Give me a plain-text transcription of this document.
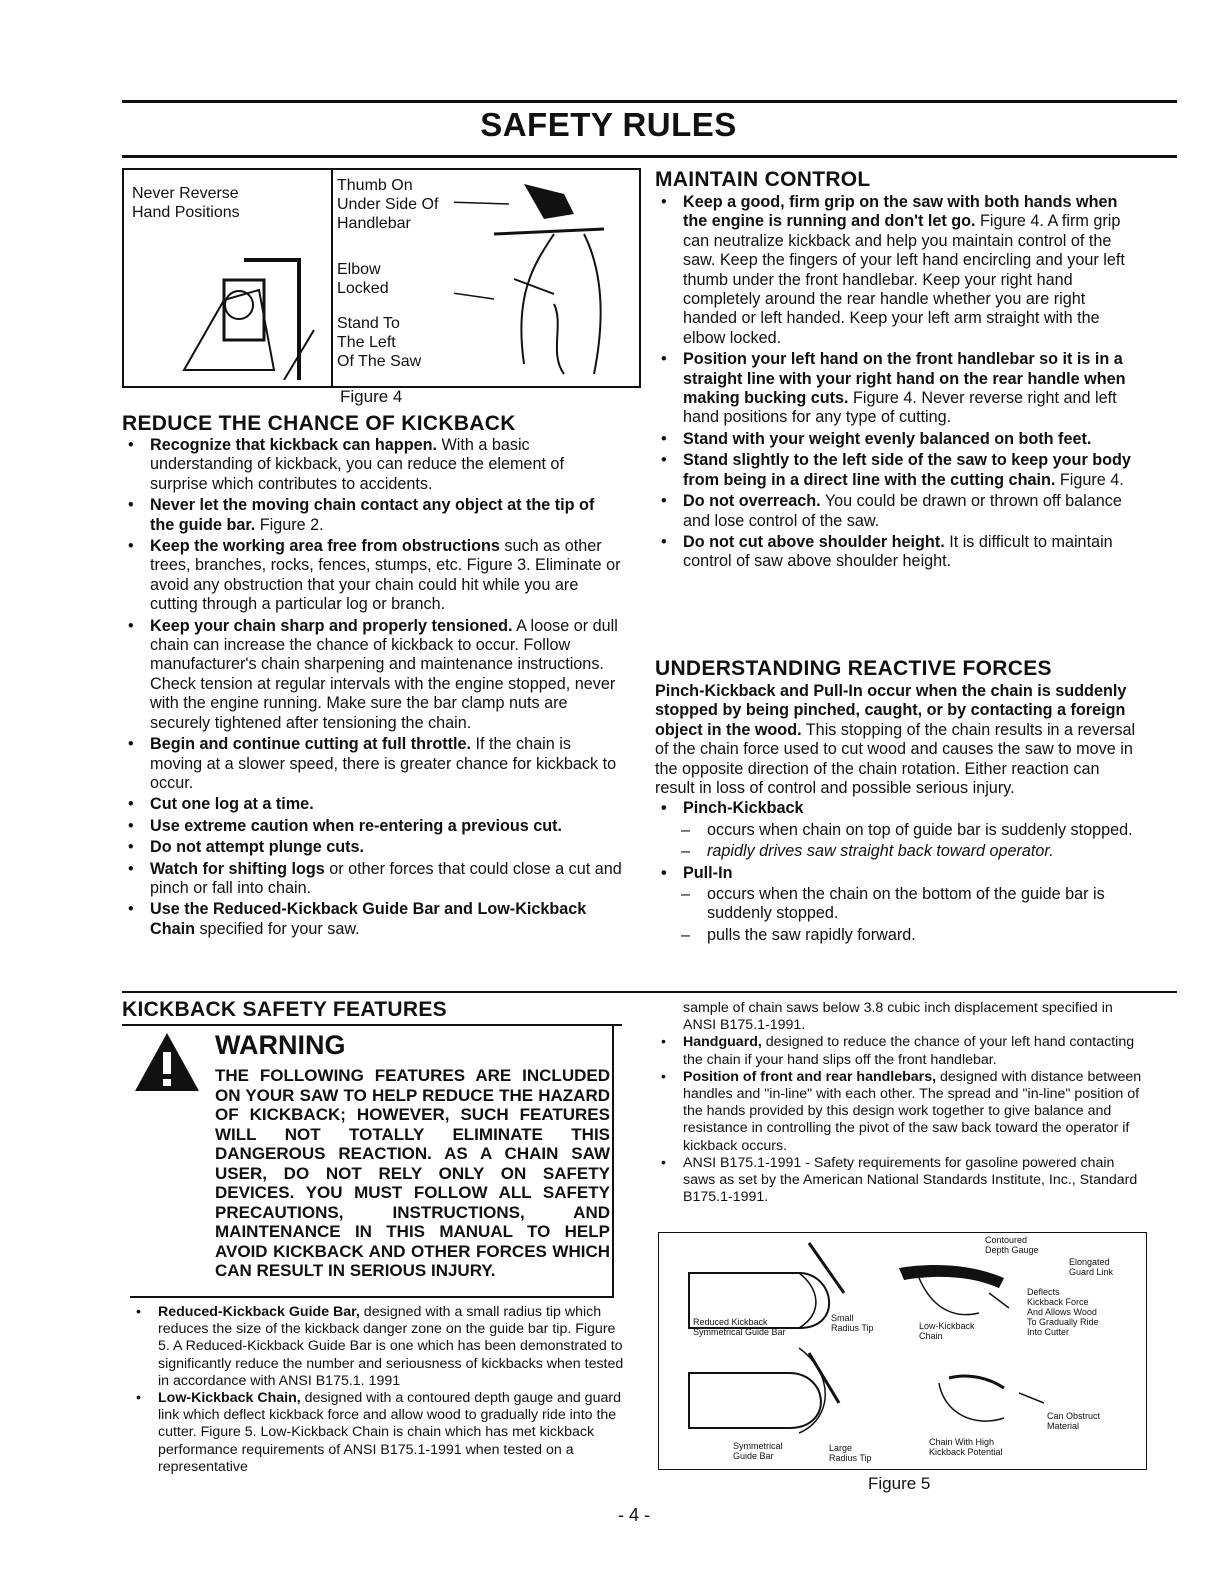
SAFETY RULES
Never Reverse
Hand Positions
Thumb On
Under Side Of
Handlebar
Elbow
Locked
Stand To
The Left
Of The Saw
Figure 4
REDUCE THE CHANCE OF KICKBACK
• Recognize that kickback can happen. With a basic understanding of kickback, you can reduce the element of surprise which contributes to accidents.
• Never let the moving chain contact any object at the tip of the guide bar. Figure 2.
• Keep the working area free from obstructions such as other trees, branches, rocks, fences, stumps, etc. Figure 3. Eliminate or avoid any obstruction that your chain could hit while you are cutting through a particular log or branch.
• Keep your chain sharp and properly tensioned. A loose or dull chain can increase the chance of kickback to occur. Follow manufacturer's chain sharpening and maintenance instructions. Check tension at regular intervals with the engine stopped, never with the engine running. Make sure the bar clamp nuts are securely tightened after tensioning the chain.
• Begin and continue cutting at full throttle. If the chain is moving at a slower speed, there is greater chance for kickback to occur.
• Cut one log at a time.
• Use extreme caution when re-entering a previous cut.
• Do not attempt plunge cuts.
• Watch for shifting logs or other forces that could close a cut and pinch or fall into chain.
• Use the Reduced-Kickback Guide Bar and Low-Kickback Chain specified for your saw.
MAINTAIN CONTROL
• Keep a good, firm grip on the saw with both hands when the engine is running and don't let go. Figure 4. A firm grip can neutralize kickback and help you maintain control of the saw. Keep the fingers of your left hand encircling and your left thumb under the front handlebar. Keep your right hand completely around the rear handle whether you are right handed or left handed. Keep your left arm straight with the elbow locked.
• Position your left hand on the front handlebar so it is in a straight line with your right hand on the rear handle when making bucking cuts. Figure 4. Never reverse right and left hand positions for any type of cutting.
• Stand with your weight evenly balanced on both feet.
• Stand slightly to the left side of the saw to keep your body from being in a direct line with the cutting chain. Figure 4.
• Do not overreach. You could be drawn or thrown off balance and lose control of the saw.
• Do not cut above shoulder height. It is difficult to maintain control of saw above shoulder height.
UNDERSTANDING REACTIVE FORCES
Pinch-Kickback and Pull-In occur when the chain is suddenly stopped by being pinched, caught, or by contacting a foreign object in the wood. This stopping of the chain results in a reversal of the chain force used to cut wood and causes the saw to move in the opposite direction of the chain rotation. Either reaction can result in loss of control and possible serious injury.
• Pinch-Kickback
– occurs when chain on top of guide bar is suddenly stopped.
– rapidly drives saw straight back toward operator.
• Pull-In
– occurs when the chain on the bottom of the guide bar is suddenly stopped.
– pulls the saw rapidly forward.
KICKBACK SAFETY FEATURES
WARNING
THE FOLLOWING FEATURES ARE INCLUDED ON YOUR SAW TO HELP REDUCE THE HAZARD OF KICKBACK; HOWEVER, SUCH FEATURES WILL NOT TOTALLY ELIMINATE THIS DANGEROUS REACTION. AS A CHAIN SAW USER, DO NOT RELY ONLY ON SAFETY DEVICES. YOU MUST FOLLOW ALL SAFETY PRECAUTIONS, INSTRUCTIONS, AND MAINTENANCE IN THIS MANUAL TO HELP AVOID KICKBACK AND OTHER FORCES WHICH CAN RESULT IN SERIOUS INJURY.
• Reduced-Kickback Guide Bar, designed with a small radius tip which reduces the size of the kickback danger zone on the guide bar tip. Figure 5. A Reduced-Kickback Guide Bar is one which has been demonstrated to significantly reduce the number and seriousness of kickbacks when tested in accordance with ANSI B175.1. 1991
• Low-Kickback Chain, designed with a contoured depth gauge and guard link which deflect kickback force and allow wood to gradually ride into the cutter. Figure 5. Low-Kickback Chain is chain which has met kickback performance requirements of ANSI B175.1-1991 when tested on a representative
sample of chain saws below 3.8 cubic inch displacement specified in ANSI B175.1-1991.
• Handguard, designed to reduce the chance of your left hand contacting the chain if your hand slips off the front handlebar.
• Position of front and rear handlebars, designed with distance between handles and "in-line" with each other. The spread and "in-line" position of the hands provided by this design work together to give balance and resistance in controlling the pivot of the saw back toward the operator if kickback occurs.
• ANSI B175.1-1991 - Safety requirements for gasoline powered chain saws as set by the American National Standards Institute, Inc., Standard B175.1-1991.
Reduced Kickback
Symmetrical Guide Bar
Small
Radius Tip
Contoured
Depth Gauge
Elongated
Guard Link
Low-Kickback
Chain
Deflects
Kickback Force
And Allows Wood
To Gradually Ride
Into Cutter
Symmetrical
Guide Bar
Large
Radius Tip
Chain With High
Kickback Potential
Can Obstruct
Material
Figure 5
- 4 -
